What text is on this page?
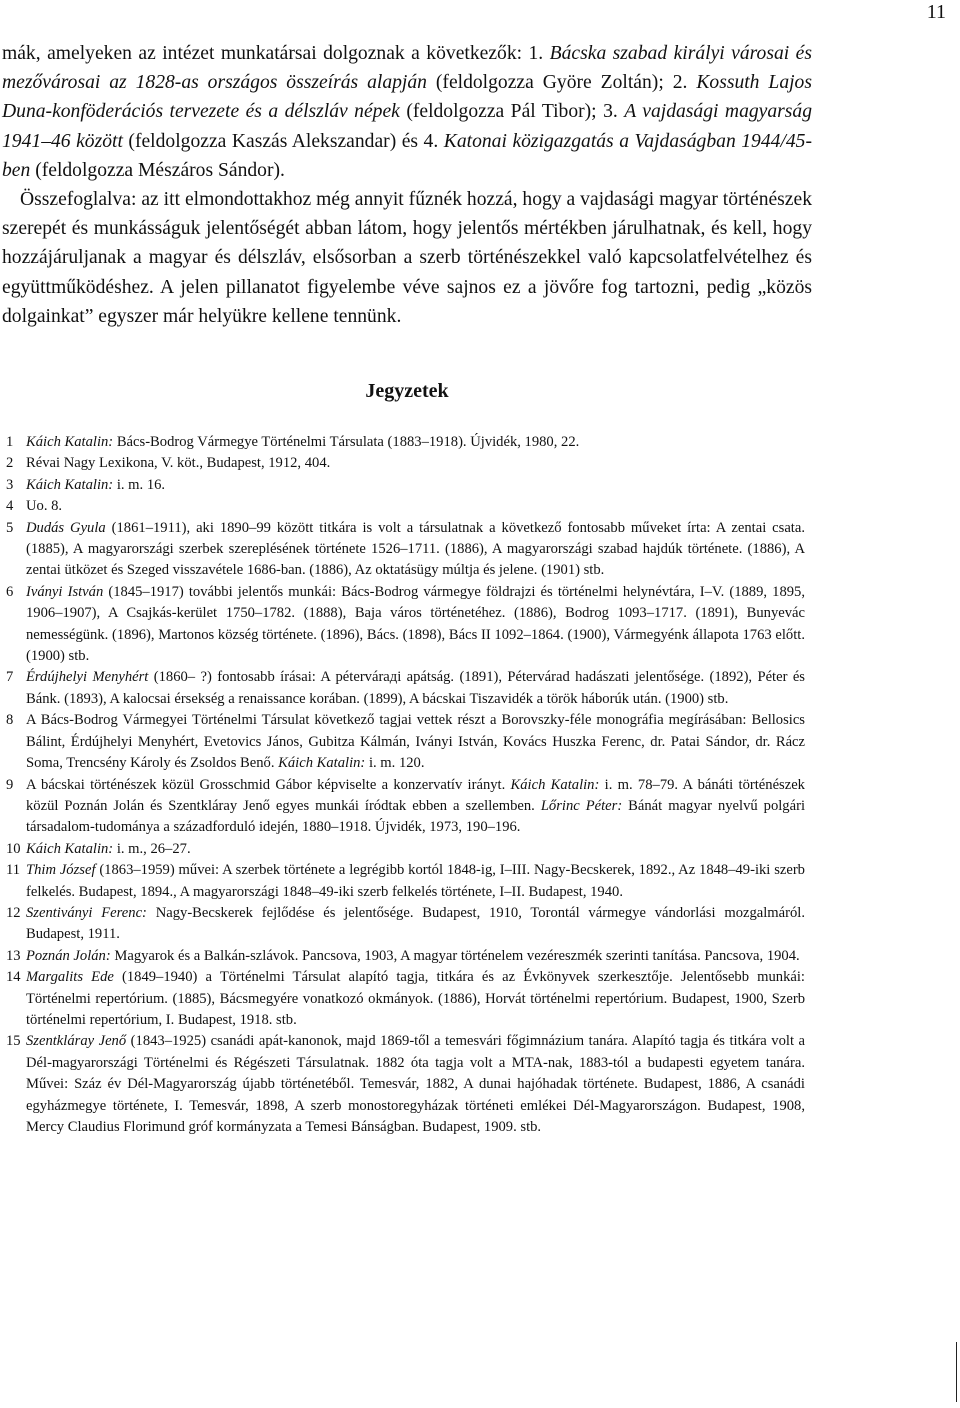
11

mák, amelyeken az intézet munkatársai dolgoznak a következők: 1. Bácska szabad királyi városai és mezővárosai az 1828-as országos összeírás alapján (feldolgozza Györe Zoltán); 2. Kossuth Lajos Duna-konföderációs tervezete és a délszláv népek (feldolgozza Pál Tibor); 3. A vajdasági magyarság 1941–46 között (feldolgozza Kaszás Alekszandar) és 4. Katonai közigazgatás a Vajdaságban 1944/45-ben (feldolgozza Mészáros Sándor).

Összefoglalva: az itt elmondottakhoz még annyit fűznék hozzá, hogy a vajdasági magyar történészek szerepét és munkásságuk jelentőségét abban látom, hogy jelentős mértékben járulhatnak, és kell, hogy hozzájáruljanak a magyar és délszláv, elsősorban a szerb történészekkel való kapcsolatfelvételhez és együttműködéshez. A jelen pillanatot figyelembe véve sajnos ez a jövőre fog tartozni, pedig „közös dolgainkat” egyszer már helyükre kellene tennünk.

Jegyzetek
1 Káich Katalin: Bács-Bodrog Vármegye Történelmi Társulata (1883–1918). Újvidék, 1980, 22.
2 Révai Nagy Lexikona, V. köt., Budapest, 1912, 404.
3 Káich Katalin: i. m. 16.
4 Uo. 8.
5 Dudás Gyula (1861–1911), aki 1890–99 között titkára is volt a társulatnak a következő fontosabb műveket írta: A zentai csata. (1885), A magyarországi szerbek szereplésének története 1526–1711. (1886), A magyarországi szabad hajdúk története. (1886), A zentai ütközet és Szeged visszavétele 1686-ban. (1886), Az oktatásügy múltja és jelene. (1901) stb.
6 Iványi István (1845–1917) további jelentős munkái: Bács-Bodrog vármegye földrajzi és történelmi helynévtára, I–V. (1889, 1895, 1906–1907), A Csajkás-kerület 1750–1782. (1888), Baja város történetéhez. (1886), Bodrog 1093–1717. (1891), Bunyevác nemességünk. (1896), Martonos község története. (1896), Bács. (1898), Bács II 1092–1864. (1900), Vármegyénk állapota 1763 előtt. (1900) stb.
7 Érdújhelyi Menyhért (1860– ?) fontosabb írásai: A pétervárадi apátság. (1891), Pétervárad hadászati jelentősége. (1892), Péter és Bánk. (1893), A kalocsai érsekség a renaissance korában. (1899), A bácskai Tiszavidék a török háborúk után. (1900) stb.
8 A Bács-Bodrog Vármegyei Történelmi Társulat következő tagjai vettek részt a Borovszky-féle monográfia megírásában: Bellosics Bálint, Érdújhelyi Menyhért, Evetovics János, Gubitza Kálmán, Iványi István, Kovács Huszka Ferenc, dr. Patai Sándor, dr. Rácz Soma, Trencsény Károly és Zsoldos Benő. Káich Katalin: i. m. 120.
9 A bácskai történészek közül Grosschmid Gábor képviselte a konzervatív irányt. Káich Katalin: i. m. 78–79. A bánáti történészek közül Poznán Jolán és Szentkláray Jenő egyes munkái íródtak ebben a szellemben. Lőrinc Péter: Bánát magyar nyelvű polgári társadalom-tudománya a századforduló idején, 1880–1918. Újvidék, 1973, 190–196.
10 Káich Katalin: i. m., 26–27.
11 Thim József (1863–1959) művei: A szerbek története a legrégibb kortól 1848-ig, I–III. Nagy-Becskerek, 1892., Az 1848–49-iki szerb felkelés. Budapest, 1894., A magyarországi 1848–49-iki szerb felkelés története, I–II. Budapest, 1940.
12 Szentiványi Ferenc: Nagy-Becskerek fejlődése és jelentősége. Budapest, 1910, Torontál vármegye vándorlási mozgalmáról. Budapest, 1911.
13 Poznán Jolán: Magyarok és a Balkán-szlávok. Pancsova, 1903, A magyar történelem vezéreszmék szerinti tanítása. Pancsova, 1904.
14 Margalits Ede (1849–1940) a Történelmi Társulat alapító tagja, titkára és az Évkönyvek szerkesztője. Jelentősebb munkái: Történelmi repertórium. (1885), Bácsmegyére vonatkozó okmányok. (1886), Horvát történelmi repertórium. Budapest, 1900, Szerb történelmi repertórium, I. Budapest, 1918. stb.
15 Szentkláray Jenő (1843–1925) csanádi apát-kanonok, majd 1869-től a temesvári főgimnázium tanára. Alapító tagja és titkára volt a Dél-magyarországi Történelmi és Régészeti Társulatnak. 1882 óta tagja volt a MTA-nak, 1883-tól a budapesti egyetem tanára. Művei: Száz év Dél-Magyarország újabb történetéből. Temesvár, 1882, A dunai hajóhadak története. Budapest, 1886, A csanádi egyházmegye története, I. Temesvár, 1898, A szerb monostoregyházak történeti emlékei Dél-Magyarországon. Budapest, 1908, Mercy Claudius Florimund gróf kormányzata a Temesi Bánságban. Budapest, 1909. stb.
